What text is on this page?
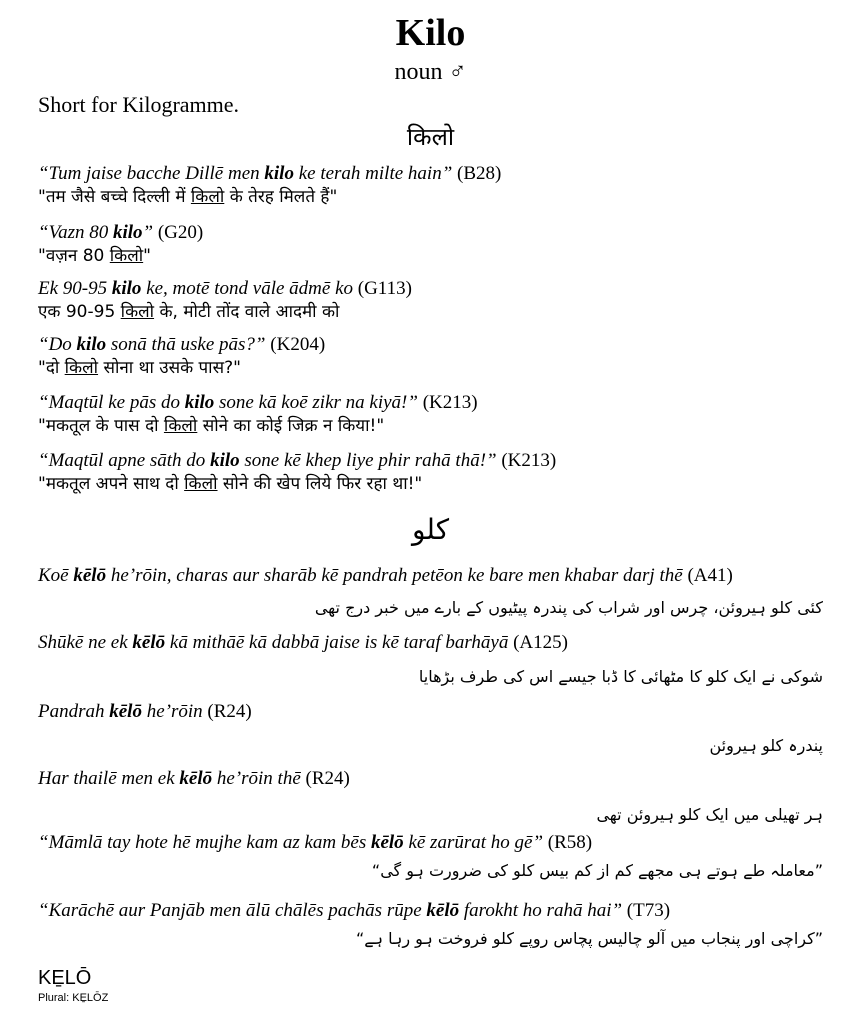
Kilo
noun ♂
Short for Kilogramme.
किलो
“Tum jaise bacche Dillē men kilo ke terah milte hain” (B28)
"तम जैसे बच्चे दिल्ली में किलो के तेरह मिलते हैं"
“Vazn 80 kilo” (G20)
"वज़न 80 किलो"
Ek 90-95 kilo ke, motē tond vāle ādmē ko (G113)
एक 90-95 किलो के, मोटी तोंद वाले आदमी को
“Do kilo sonā thā uske pās?” (K204)
"दो किलो सोना था उसके पास?"
“Maqtūl ke pās do kilo sone kā koē zikr na kiyā!” (K213)
"मकतूल के पास दो किलो सोने का कोई जिक्र न किया!"
“Maqtūl apne sāth do kilo sone kē khep liye phir rahā thā!” (K213)
"मकतूल अपने साथ दो किलो सोने की खेप लिये फिर रहा था!"
کلو
Koē kēlō he’rōin, charas aur sharāb kē pandrah petēon ke bare men khabar darj thē (A41)
کئی کلو ہیروئن، چرس اور شراب کی پندرہ پیٹیوں کے بارے میں خبر درج تھی
Shūkē ne ek kēlō kā mithāē kā dabbā jaise is kē taraf barhāyā (A125)
شوکی نے ایک کلو کا مٹھائی کا ڈبا جیسے اس کی طرف بڑھایا
Pandrah kēlō he’rōin (R24)
پندرہ کلو ہیروئن
Har thailē men ek kēlō he’rōin thē (R24)
ہر تھیلی میں ایک کلو ہیروئن تھی
“Māmlā tay hote hē mujhe kam az kam bēs kēlō kē zarūrat ho gē” (R58)
”معاملہ طے ہوتے ہی مجھے کم از کم بیس کلو کی ضرورت ہو گی“
“Karāchē aur Panjāb men ālū chālēs pachās rūpe kēlō farokht ho rahā hai” (T73)
”کراچی اور پنجاب میں آلو چالیس پچاس روپے کلو فروخت ہو رہا ہے“
KE̱LŌ
Plural: KE̱LŌZ
